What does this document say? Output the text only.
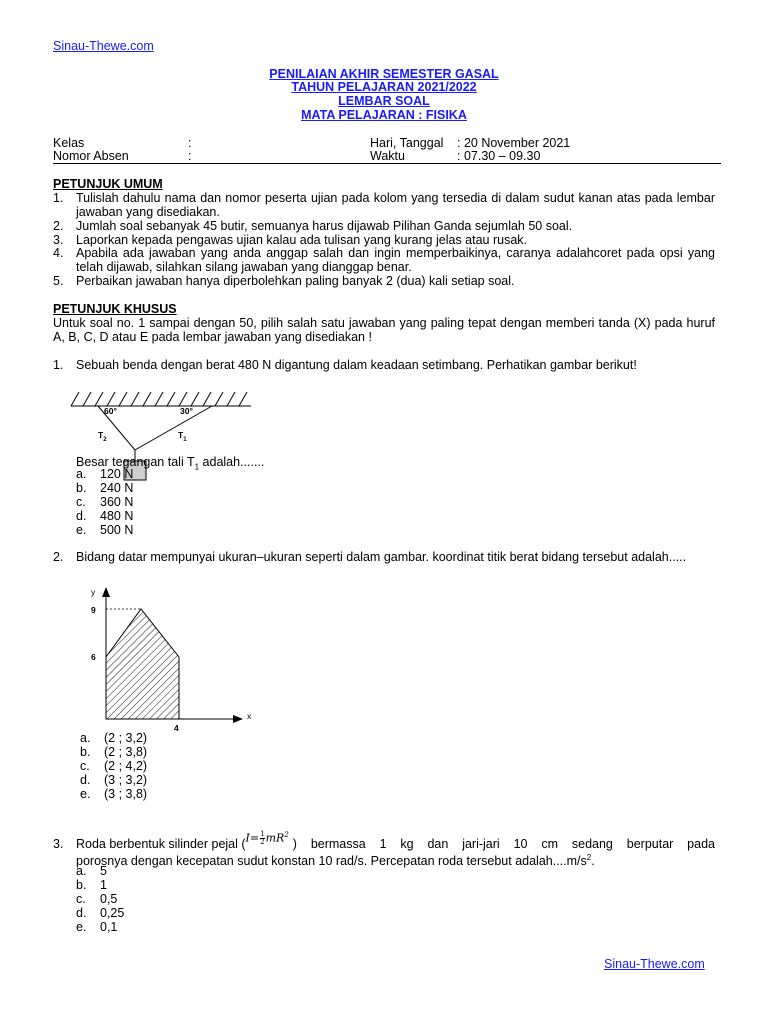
Sinau-Thewe.com
PENILAIAN AKHIR SEMESTER GASAL
TAHUN PELAJARAN 2021/2022
LEMBAR SOAL
MATA PELAJARAN : FISIKA
Kelas	:
Nomor Absen	:
Hari, Tanggal : 20 November 2021
Waktu	: 07.30 – 09.30
PETUNJUK UMUM
1. Tulislah dahulu nama dan nomor peserta ujian pada kolom yang tersedia di dalam sudut kanan atas pada lembar jawaban yang disediakan.
2. Jumlah soal sebanyak 45 butir, semuanya harus dijawab Pilihan Ganda sejumlah 50 soal.
3. Laporkan kepada pengawas ujian kalau ada tulisan yang kurang jelas atau rusak.
4. Apabila ada jawaban yang anda anggap salah dan ingin memperbaikinya, caranya adalahcoret pada opsi yang telah dijawab, silahkan silang jawaban yang dianggap benar.
5. Perbaikan jawaban hanya diperbolehkan paling banyak 2 (dua) kali setiap soal.
PETUNJUK KHUSUS
Untuk soal no. 1 sampai dengan 50, pilih salah satu jawaban yang paling tepat dengan memberi tanda (X) pada huruf A, B, C, D atau E pada lembar jawaban yang disediakan !
1. Sebuah benda dengan berat 480 N digantung dalam keadaan setimbang. Perhatikan gambar berikut!
60°	30°
$T_2$	$T_1$
Besar tegangan tali $T_1$ adalah.......
a. 120 N
b. 240 N
c. 360 N
d. 480 N
e. 500 N
2. Bidang datar mempunyai ukuran–ukuran seperti dalam gambar. koordinat titik berat bidang tersebut adalah.....
y
x
9
6
4
a. (2 ; 3,2)
b. (2 ; 3,8)
c. (2 ; 4,2)
d. (3 ; 3,2)
e. (3 ; 3,8)
3. Roda berbentuk silinder pejal ( $I= \frac{1}{2} mR^2$
) bermassa 1 kg dan jari-jari 10 cm sedang berputar pada
porosnya dengan kecepatan sudut konstan 10 rad/s. Percepatan roda tersebut $adalah....m/s^2$.
a. 5
b. 1
c. 0,5
d. 0,25
e. 0,1
Sinau-Thewe.com
